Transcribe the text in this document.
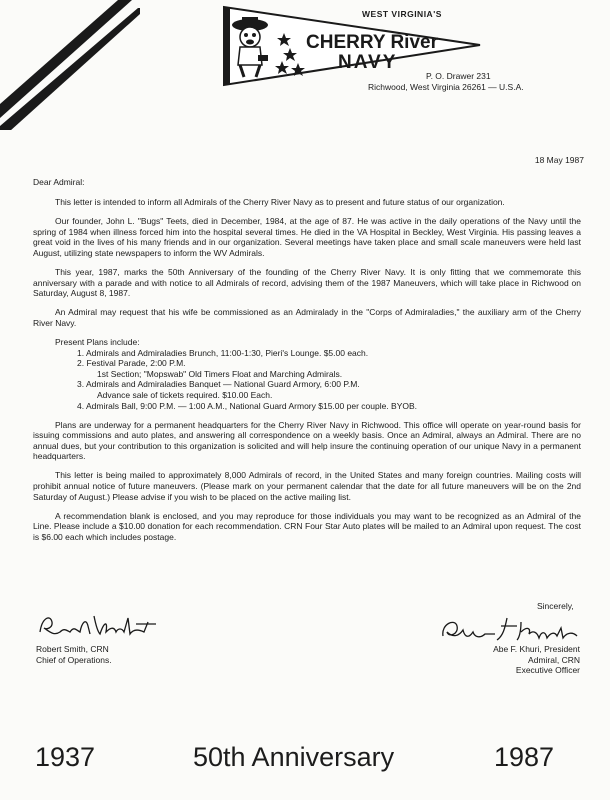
CHERRY River
NAVY
WEST VIRGINIA'S
P. O. Drawer 231
Richwood, West Virginia 26261 — U.S.A.
18 May 1987
Dear Admiral:

This letter is intended to inform all Admirals of the Cherry River Navy as to present and future status of our organization.

Our founder, John L. "Bugs" Teets, died in December, 1984, at the age of 87. He was active in the daily operations of the Navy until the spring of 1984 when illness forced him into the hospital several times. He died in the VA Hospital in Beckley, West Virginia. His passing leaves a great void in the lives of his many friends and in our organization. Several meetings have taken place and small scale maneuvers were held last August, utilizing state newspapers to inform the WV Admirals.

This year, 1987, marks the 50th Anniversary of the founding of the Cherry River Navy. It is only fitting that we commemorate this anniversary with a parade and with notice to all Admirals of record, advising them of the 1987 Maneuvers, which will take place in Richwood on Saturday, August 8, 1987.

An Admiral may request that his wife be commissioned as an Admiralady in the "Corps of Admiraladies," the auxiliary arm of the Cherry River Navy.

Present Plans include:
1. Admirals and Admiraladies Brunch, 11:00-1:30, Pieri's Lounge. $5.00 each.
2. Festival Parade, 2:00 P.M.
1st Section; "Mopswab" Old Timers Float and Marching Admirals.
3. Admirals and Admiraladies Banquet — National Guard Armory, 6:00 P.M.
Advance sale of tickets required. $10.00 Each.
4. Admirals Ball, 9:00 P.M. — 1:00 A.M., National Guard Armory $15.00 per couple. BYOB.

Plans are underway for a permanent headquarters for the Cherry River Navy in Richwood. This office will operate on year-round basis for issuing commissions and auto plates, and answering all correspondence on a weekly basis. Once an Admiral, always an Admiral. There are no annual dues, but your contribution to this organization is solicited and will help insure the continuing operation of our unique Navy in a permanent headquarters.

This letter is being mailed to approximately 8,000 Admirals of record, in the United States and many foreign countries. Mailing costs will prohibit annual notice of future maneuvers. (Please mark on your permanent calendar that the date for all future maneuvers will be on the 2nd Saturday of August.) Please advise if you wish to be placed on the active mailing list.

A recommendation blank is enclosed, and you may reproduce for those individuals you may want to be recognized as an Admiral of the Line. Please include a $10.00 donation for each recommendation. CRN Four Star Auto plates will be mailed to an Admiral upon request. The cost is $6.00 each which includes postage.

Sincerely,
Robert Smith, CRN
Chief of Operations.
Abe F. Khuri, President
Admiral, CRN
Executive Officer
1937	50th Anniversary	1987
